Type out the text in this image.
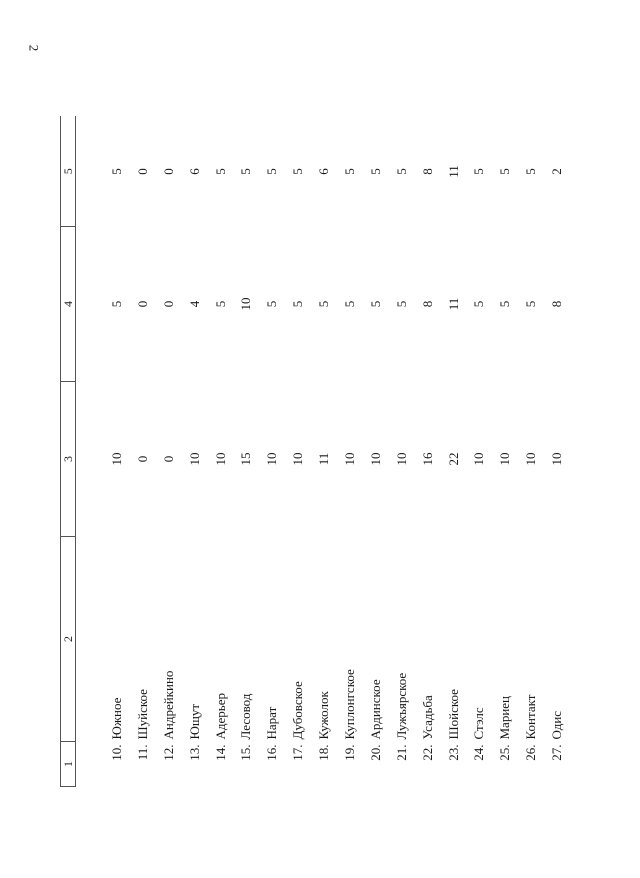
2
1	2	3	4	5

10.	Южное	10	5	5
11.	Шуйское	0	0	0
12.	Андрейкино	0	0	0
13.	Ющут	10	4	6
14.	Адерьер	10	5	5
15.	Лесовод	15	10	5
16.	Нарат	10	5	5
17.	Дубовское	10	5	5
18.	Кужолок	11	5	6
19.	Куплонгское	10	5	5
20.	Ардинское	10	5	5
21.	Лужъярское	10	5	5
22.	Усадьба	16	8	8
23.	Шойское	22	11	11
24.	Стэлс	10	5	5
25.	Мариец	10	5	5
26.	Контакт	10	5	5
27.	Одис	10	8	2
